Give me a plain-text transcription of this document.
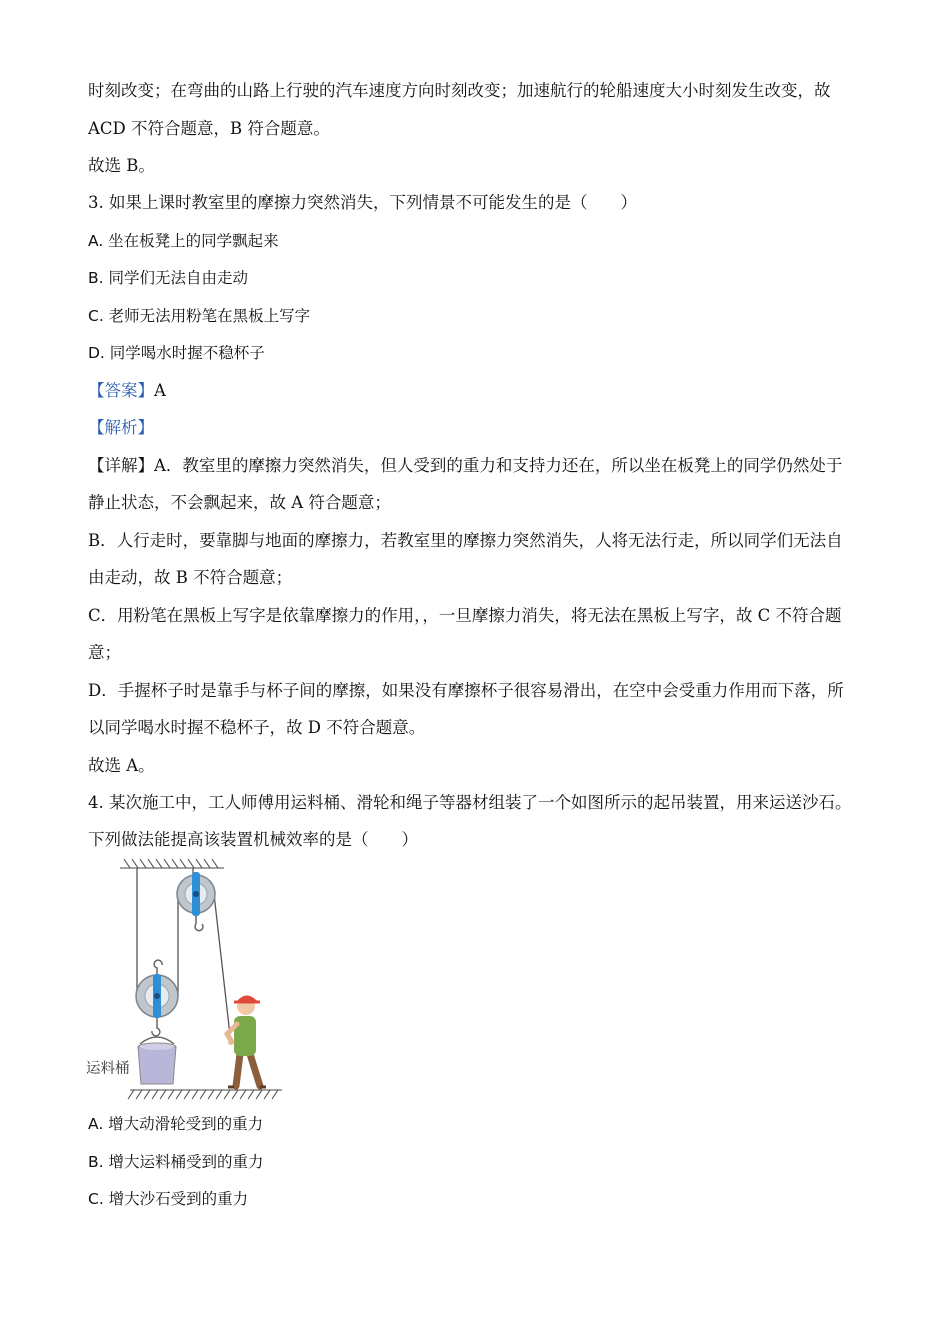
时刻改变；在弯曲的山路上行驶的汽车速度方向时刻改变；加速航行的轮船速度大小时刻发生改变，故
ACD 不符合题意，B 符合题意。
故选 B。
3. 如果上课时教室里的摩擦力突然消失，下列情景不可能发生的是（　　）
A. 坐在板凳上的同学飘起来
B. 同学们无法自由走动
C. 老师无法用粉笔在黑板上写字
D. 同学喝水时握不稳杯子
【答案】A
【解析】
【详解】A．教室里的摩擦力突然消失，但人受到的重力和支持力还在，所以坐在板凳上的同学仍然处于
静止状态，不会飘起来，故 A 符合题意；
B．人行走时，要靠脚与地面的摩擦力，若教室里的摩擦力突然消失，人将无法行走，所以同学们无法自
由走动，故 B 不符合题意；
C．用粉笔在黑板上写字是依靠摩擦力的作用，，一旦摩擦力消失，将无法在黑板上写字，故 C 不符合题
意；
D．手握杯子时是靠手与杯子间的摩擦，如果没有摩擦杯子很容易滑出，在空中会受重力作用而下落，所
以同学喝水时握不稳杯子，故 D 不符合题意。
故选 A。
4. 某次施工中，工人师傅用运料桶、滑轮和绳子等器材组装了一个如图所示的起吊装置，用来运送沙石。
下列做法能提高该装置机械效率的是（　　）
运料桶
A. 增大动滑轮受到的重力
B. 增大运料桶受到的重力
C. 增大沙石受到的重力
